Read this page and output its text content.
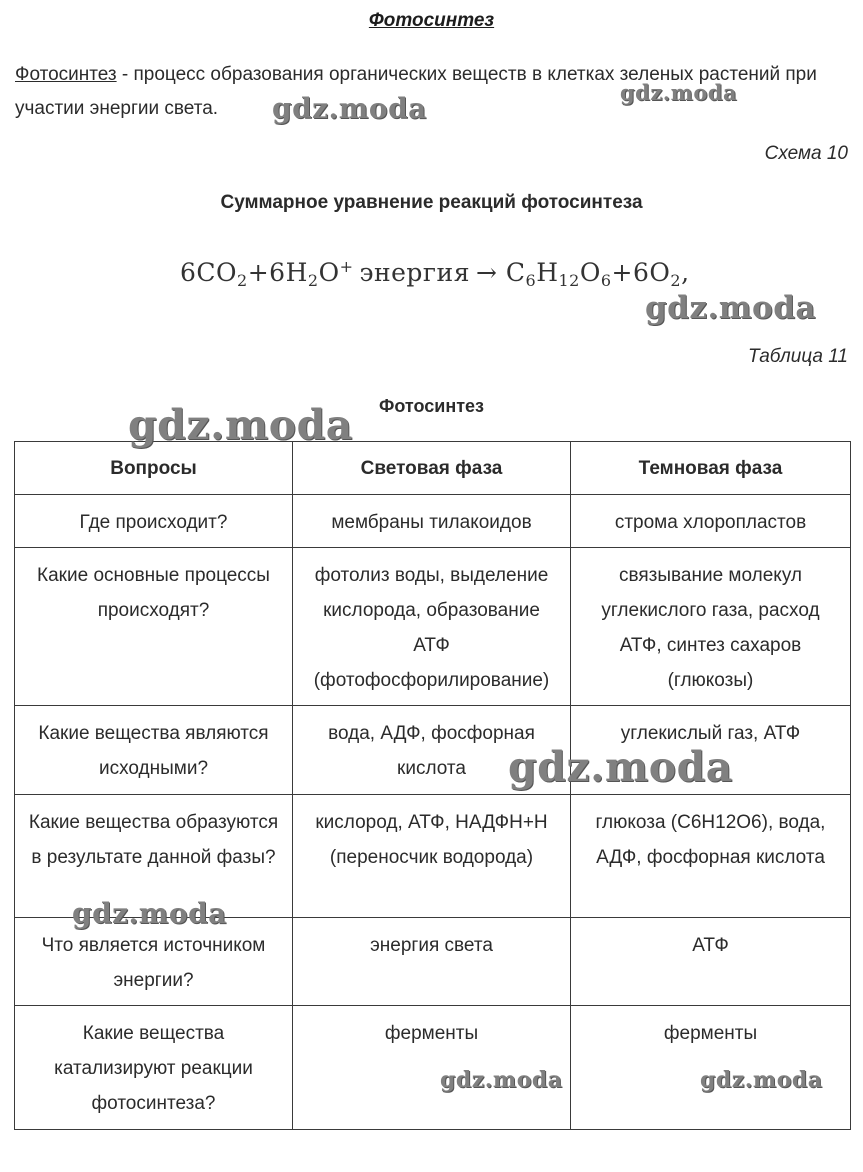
Фотосинтез
Фотосинтез - процесс образования органических веществ в клетках зеленых растений при участии энергии света.
Схема 10
Суммарное уравнение реакций фотосинтеза
$6CO_2+6H_2O^+$ энергия → $C_6H_{12}O_6+6O_2$,
Таблица 11
Фотосинтез
Вопросы	Световая фаза	Темновая фаза
Где происходит?	мембраны тилакоидов	строма хлоропластов
Какие основные процессы происходят?	фотолиз воды, выделение кислорода, образование АТФ (фотофосфорилирование)	связывание молекул углекислого газа, расход АТФ, синтез сахаров (глюкозы)
Какие вещества являются исходными?	вода, АДФ, фосфорная кислота	углекислый газ, АТФ
Какие вещества образуются в результате данной фазы?	кислород, АТФ, НАДФН+Н (переносчик водорода)	глюкоза (С6Н12О6), вода, АДФ, фосфорная кислота
Что является источником энергии?	энергия света	АТФ
Какие вещества катализируют реакции фотосинтеза?	ферменты	ферменты
gdz.moda	gdz.moda
gdz.moda
gdz.moda
gdz.moda
gdz.moda
gdz.moda	gdz.moda
